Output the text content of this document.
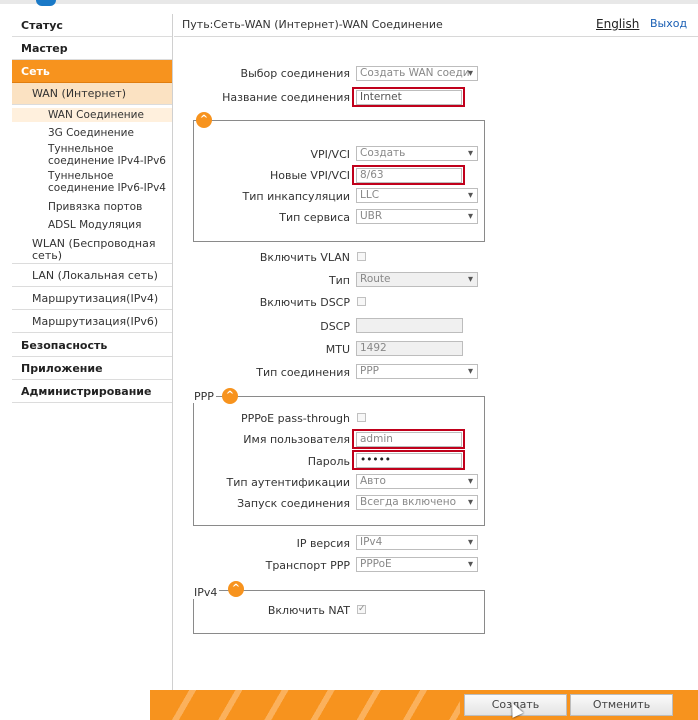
Статус
Мастер
Сеть
WAN (Интернет)
WAN Соединение
3G Соединение
Туннельное
соединение IPv4-IPv6
Туннельное
соединение IPv6-IPv4
Привязка портов
ADSL Модуляция
WLAN (Беспроводная
сеть)
LAN (Локальная сеть)
Маршрутизация(IPv4)
Маршрутизация(IPv6)
Безопасность
Приложение
Администрирование
Путь:Сеть-WAN (Интернет)-WAN Соединение	English Выход
Выбор соединения Создать WAN соеди ▾
Название соединения Internet
^
VPI/VCI Создать ▾
Новые VPI/VCI 8/63
Тип инкапсуляции LLC ▾
Тип сервиса UBR ▾
Включить VLAN
Тип Route ▾
Включить DSCP
DSCP
MTU 1492
Тип соединения PPP ▾
PPP	^
PPPoE pass-through
Имя пользователя admin
Пароль •••••
Тип аутентификации Авто ▾
Запуск соединения Всегда включено ▾
IP версия IPv4 ▾
Транспорт PPP PPPoE ▾
IPv4	^
Включить NAT ✓
Создать	Отменить
